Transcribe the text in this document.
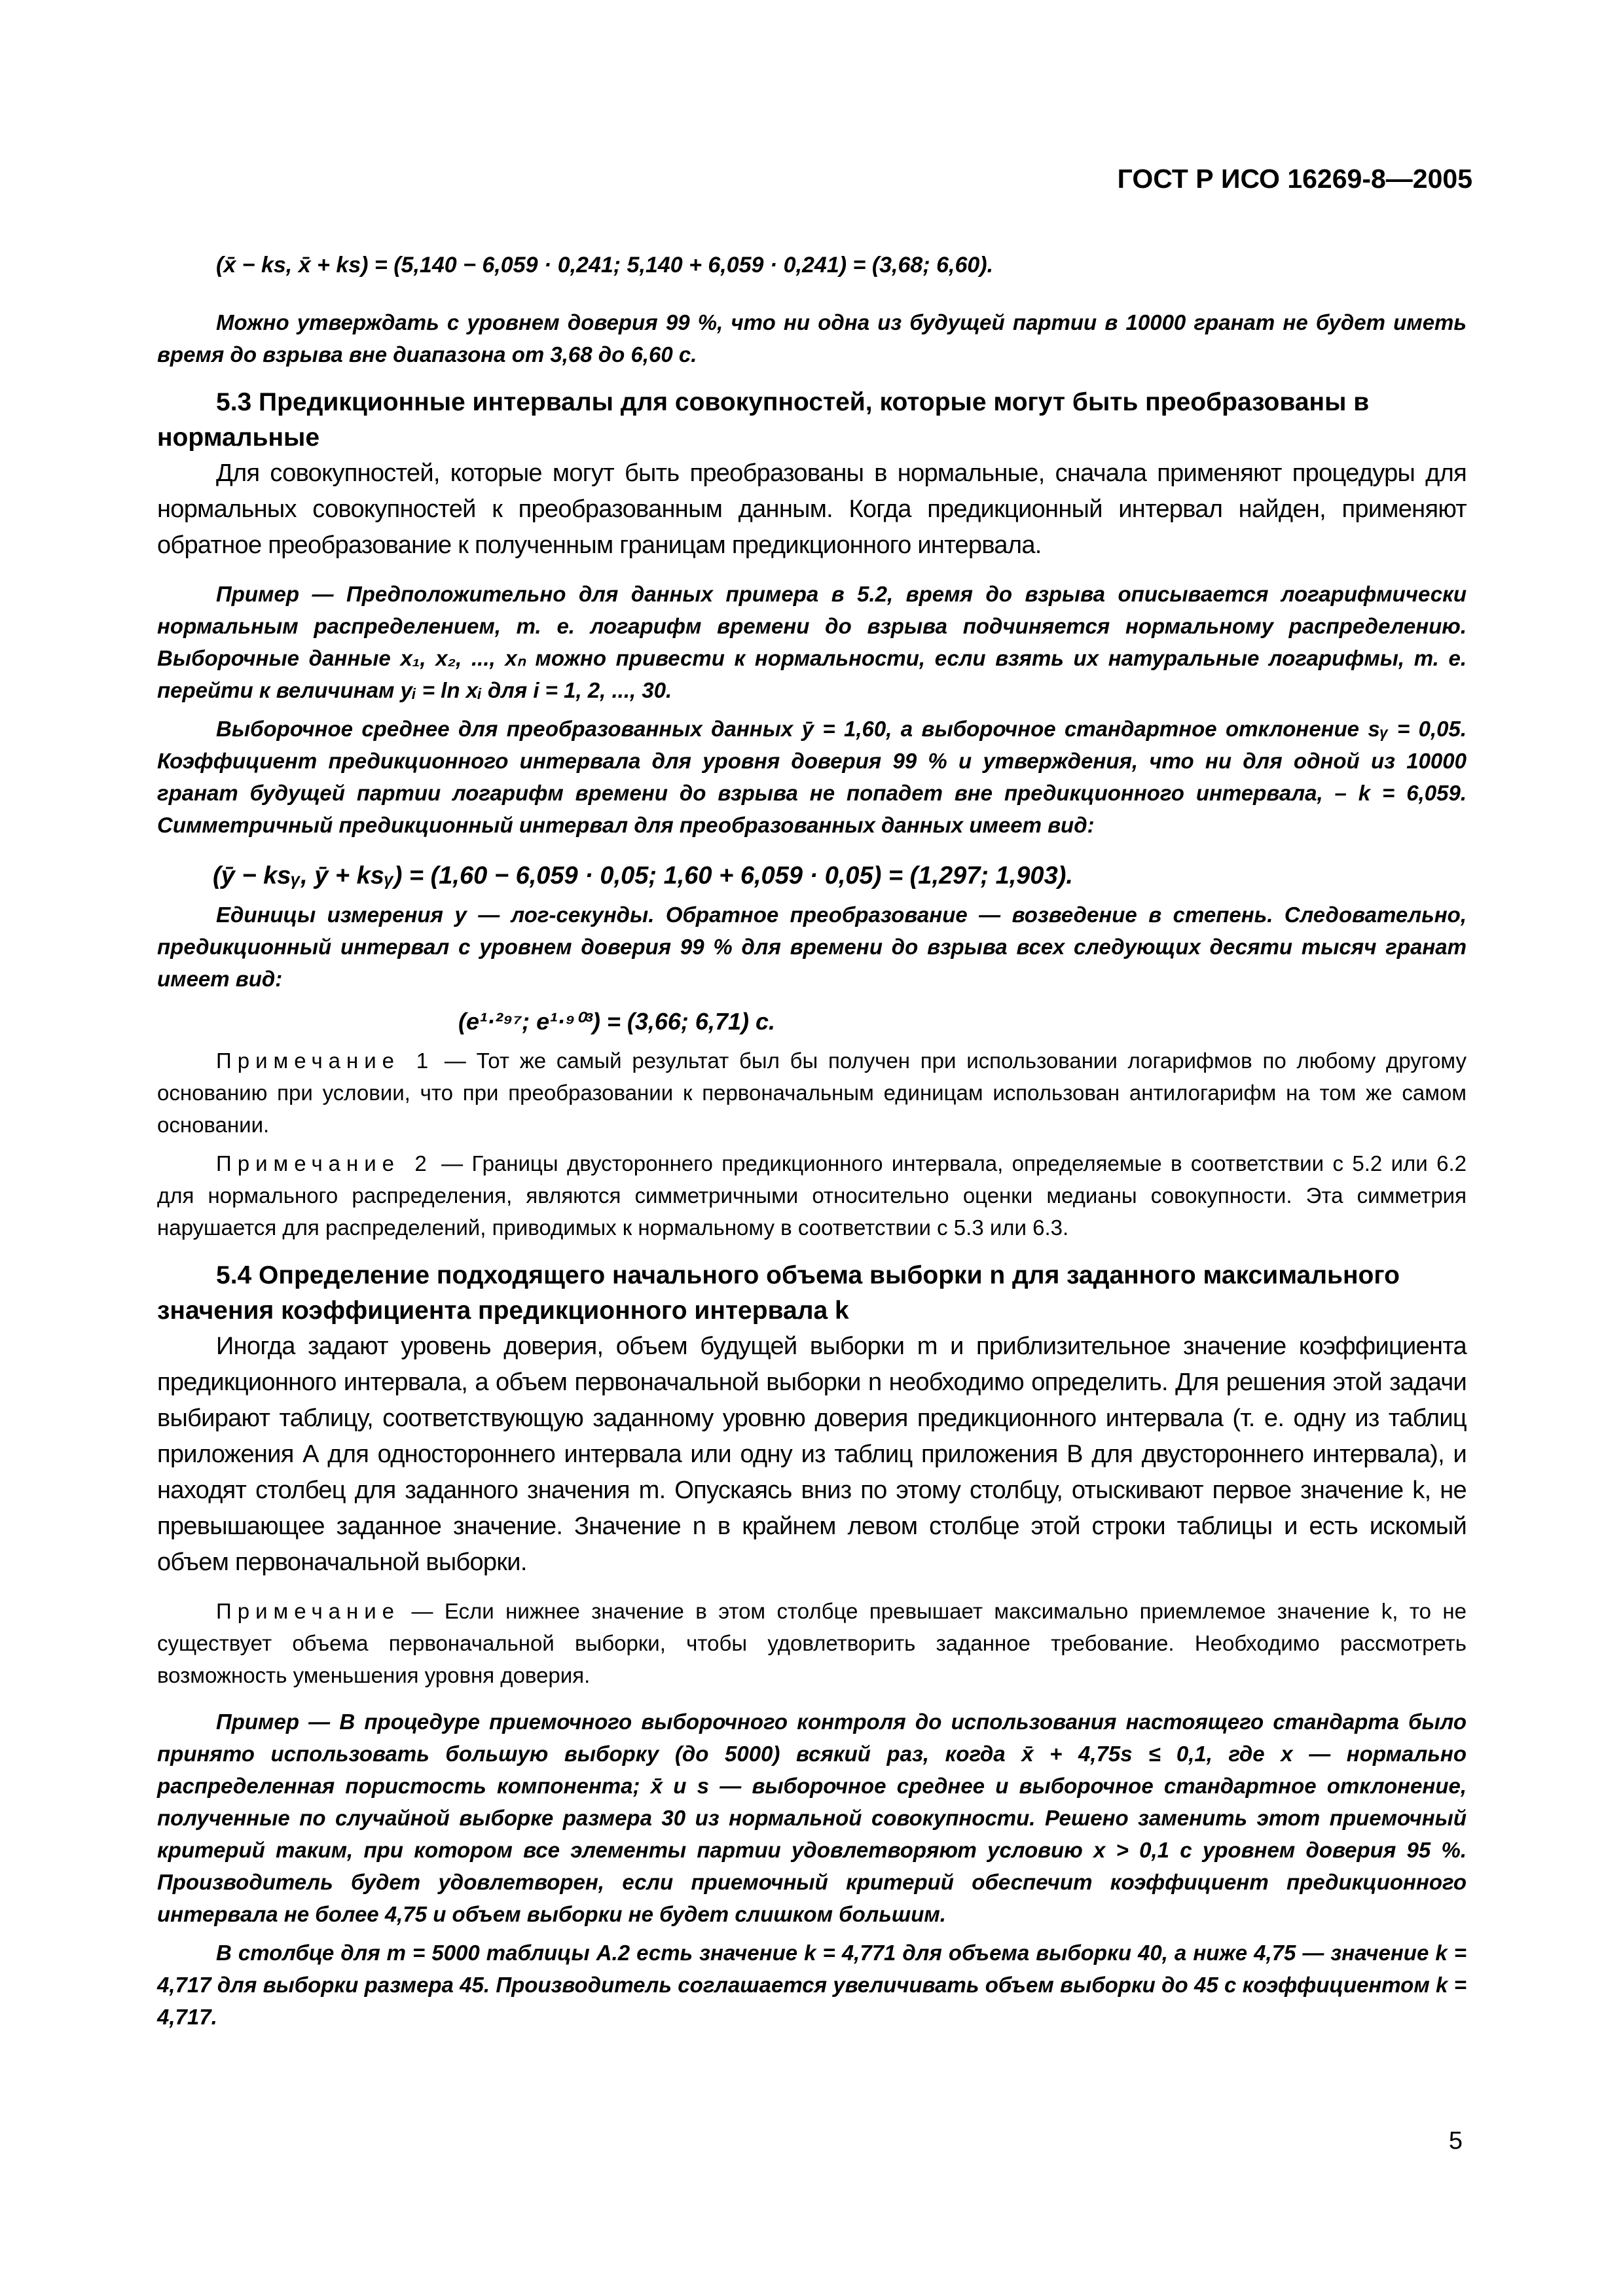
ГОСТ Р ИСО 16269-8—2005

(x̄ − ks, x̄ + ks) = (5,140 − 6,059 · 0,241; 5,140 + 6,059 · 0,241) = (3,68; 6,60).

Можно утверждать с уровнем доверия 99 %, что ни одна из будущей партии в 10000 гранат не будет иметь время до взрыва вне диапазона от 3,68 до 6,60 с.

5.3 Предикционные интервалы для совокупностей, которые могут быть преобразованы в нормальные

Для совокупностей, которые могут быть преобразованы в нормальные, сначала применяют процедуры для нормальных совокупностей к преобразованным данным. Когда предикционный интервал найден, применяют обратное преобразование к полученным границам предикционного интервала.

Пример — Предположительно для данных примера в 5.2, время до взрыва описывается логарифмически нормальным распределением, т. е. логарифм времени до взрыва подчиняется нормальному распределению. Выборочные данные x₁, x₂, ..., xₙ можно привести к нормальности, если взять их натуральные логарифмы, т. е. перейти к величинам yᵢ = ln xᵢ для i = 1, 2, ..., 30.

Выборочное среднее для преобразованных данных ȳ = 1,60, а выборочное стандартное отклонение sᵧ = 0,05. Коэффициент предикционного интервала для уровня доверия 99 % и утверждения, что ни для одной из 10000 гранат будущей партии логарифм времени до взрыва не попадет вне предикционного интервала, – k = 6,059. Симметричный предикционный интервал для преобразованных данных имеет вид:

(ȳ − ksᵧ, ȳ + ksᵧ) = (1,60 − 6,059 · 0,05; 1,60 + 6,059 · 0,05) = (1,297; 1,903).

Единицы измерения y — лог-секунды. Обратное преобразование — возведение в степень. Следовательно, предикционный интервал с уровнем доверия 99 % для времени до взрыва всех следующих десяти тысяч гранат имеет вид:

(e¹·²⁹⁷; e¹·⁹⁰³) = (3,66; 6,71) с.

Примечание 1 — Тот же самый результат был бы получен при использовании логарифмов по любому другому основанию при условии, что при преобразовании к первоначальным единицам использован антилогарифм на том же самом основании.

Примечание 2 — Границы двустороннего предикционного интервала, определяемые в соответствии с 5.2 или 6.2 для нормального распределения, являются симметричными относительно оценки медианы совокупности. Эта симметрия нарушается для распределений, приводимых к нормальному в соответствии с 5.3 или 6.3.

5.4 Определение подходящего начального объема выборки n для заданного максимального значения коэффициента предикционного интервала k

Иногда задают уровень доверия, объем будущей выборки m и приблизительное значение коэффициента предикционного интервала, а объем первоначальной выборки n необходимо определить. Для решения этой задачи выбирают таблицу, соответствующую заданному уровню доверия предикционного интервала (т. е. одну из таблиц приложения А для одностороннего интервала или одну из таблиц приложения В для двустороннего интервала), и находят столбец для заданного значения m. Опускаясь вниз по этому столбцу, отыскивают первое значение k, не превышающее заданное значение. Значение n в крайнем левом столбце этой строки таблицы и есть искомый объем первоначальной выборки.

Примечание — Если нижнее значение в этом столбце превышает максимально приемлемое значение k, то не существует объема первоначальной выборки, чтобы удовлетворить заданное требование. Необходимо рассмотреть возможность уменьшения уровня доверия.

Пример — В процедуре приемочного выборочного контроля до использования настоящего стандарта было принято использовать большую выборку (до 5000) всякий раз, когда x̄ + 4,75s ≤ 0,1, где x — нормально распределенная пористость компонента; x̄ и s — выборочное среднее и выборочное стандартное отклонение, полученные по случайной выборке размера 30 из нормальной совокупности. Решено заменить этот приемочный критерий таким, при котором все элементы партии удовлетворяют условию x > 0,1 с уровнем доверия 95 %. Производитель будет удовлетворен, если приемочный критерий обеспечит коэффициент предикционного интервала не более 4,75 и объем выборки не будет слишком большим.

В столбце для m = 5000 таблицы А.2 есть значение k = 4,771 для объема выборки 40, а ниже 4,75 — значение k = 4,717 для выборки размера 45. Производитель соглашается увеличивать объем выборки до 45 с коэффициентом k = 4,717.

5
